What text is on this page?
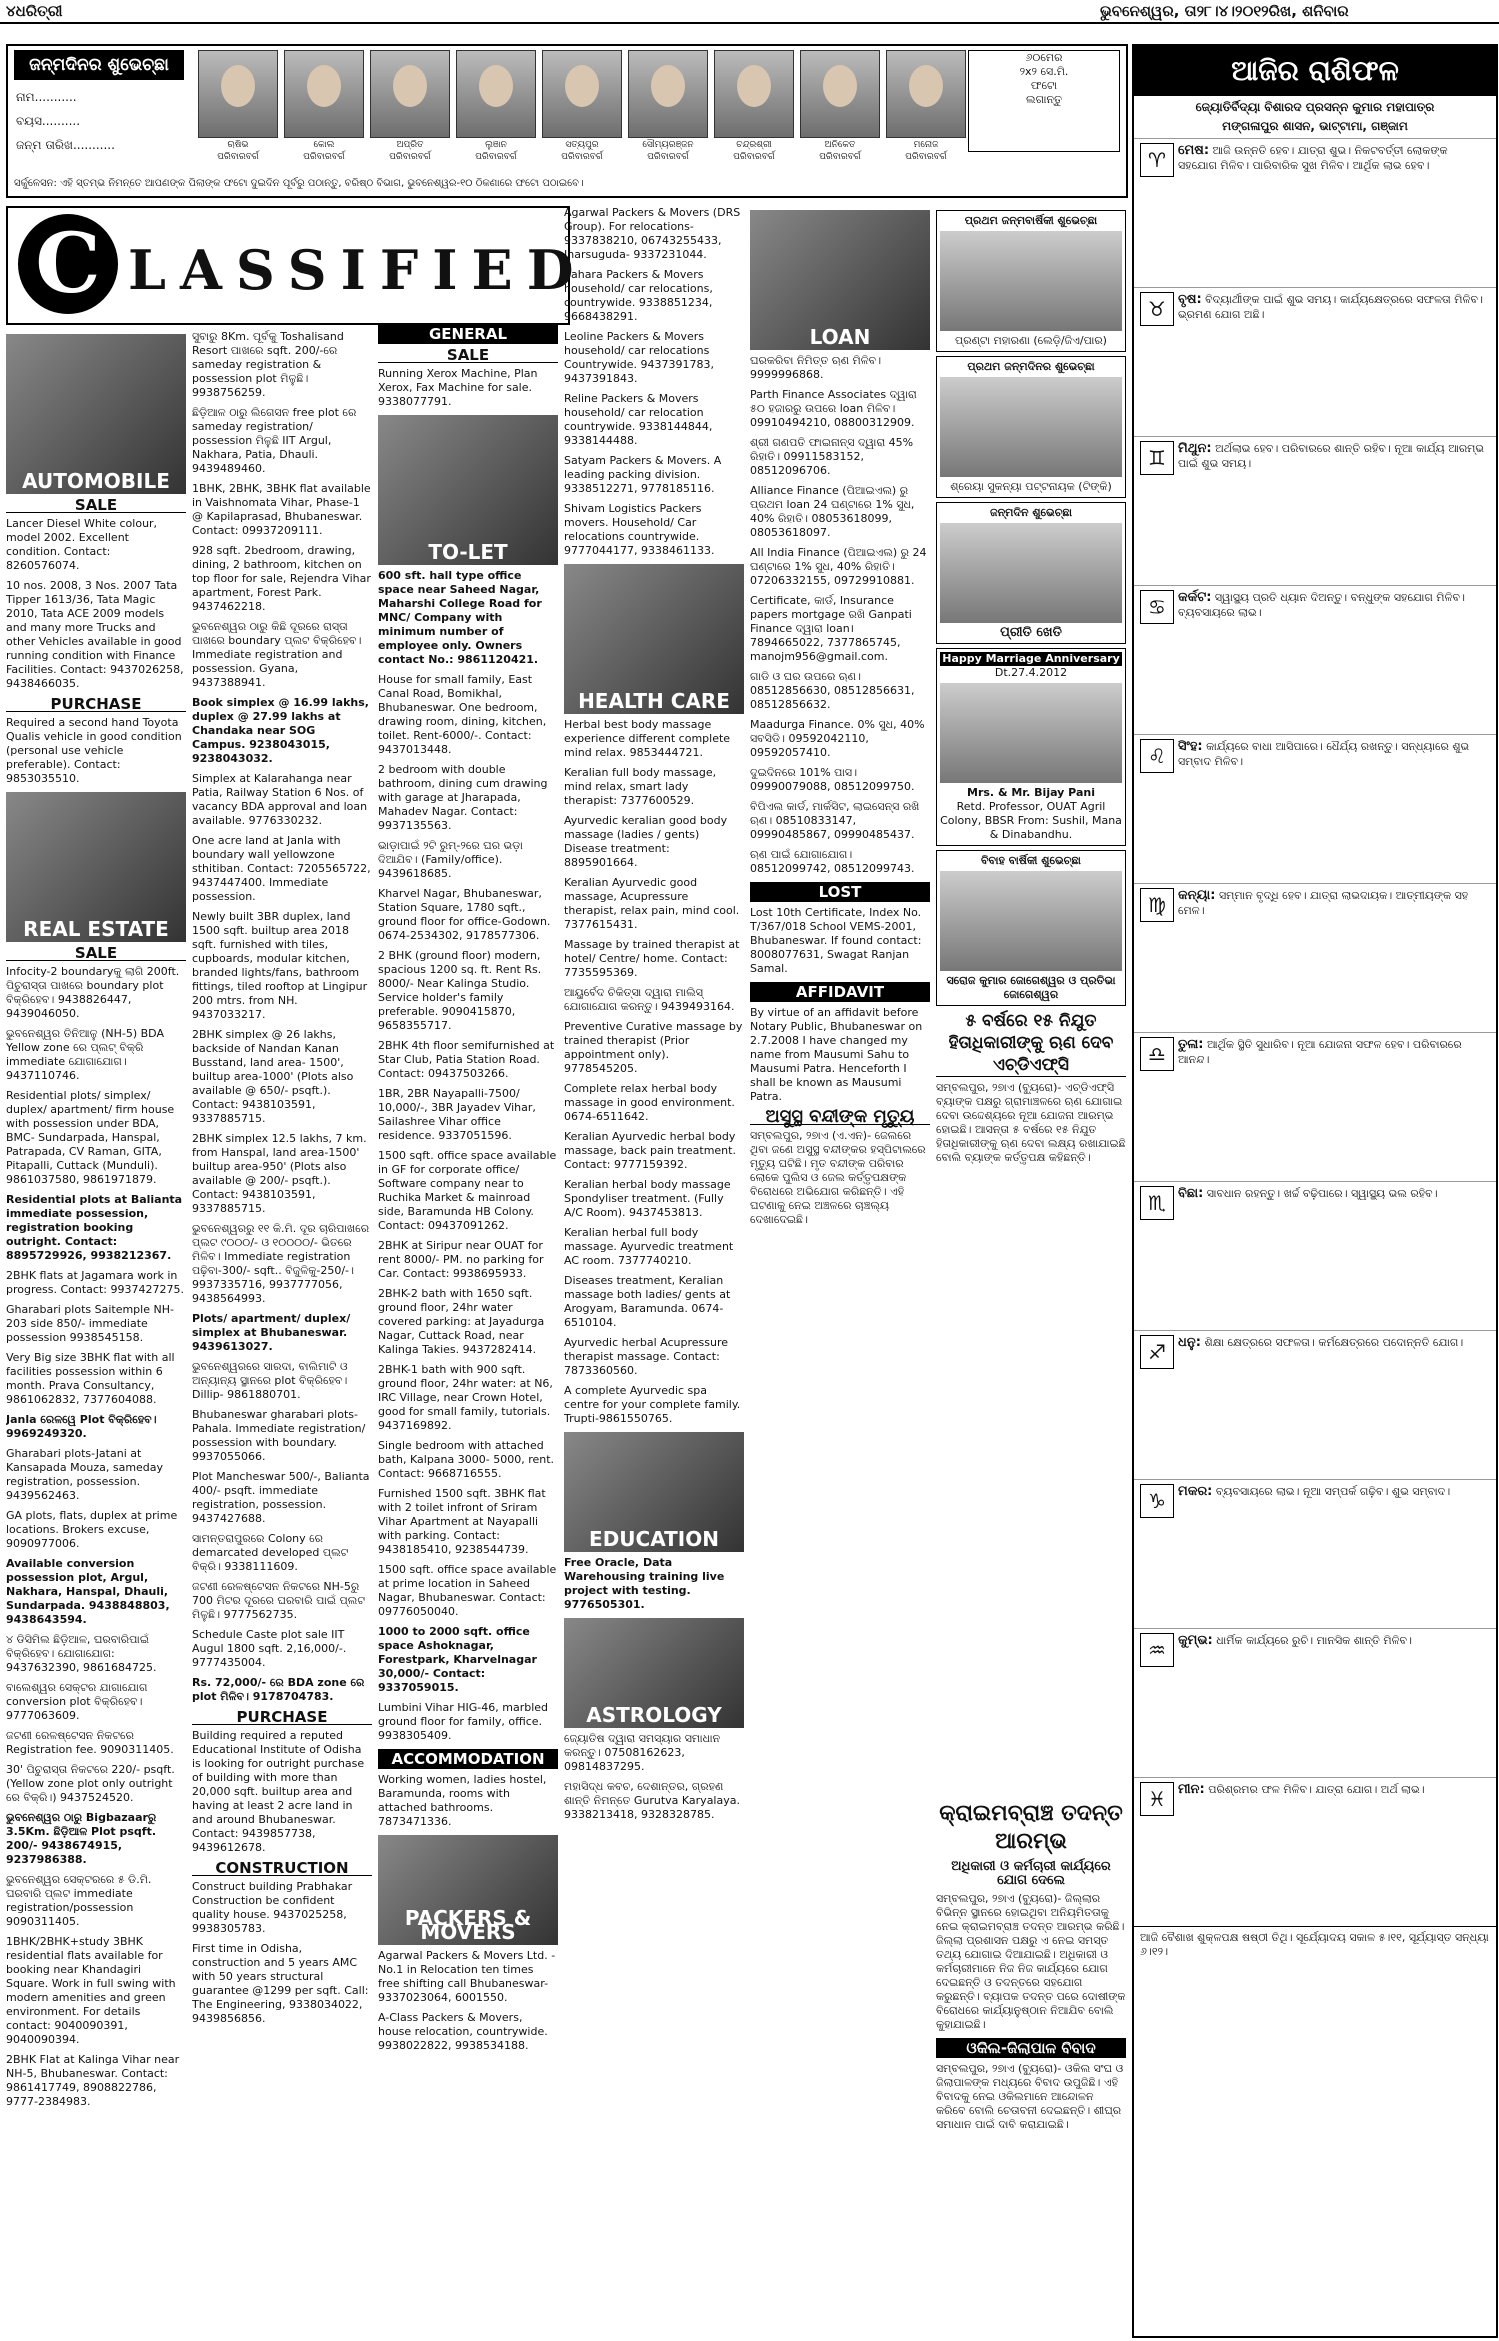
୪ଧରିତ୍ରୀ	ଭୁବନେଶ୍ୱର, ତା୨୮।୪।୨୦୧୨ରିଖ, ଶନିବାର
ଜନ୍ମଦିନର ଶୁଭେଚ୍ଛା
ନାମ...........
ବୟସ..........
ଜନ୍ମ ତାରିଖ...........	ଋଷିଭ
ପରିବାରବର୍ଗ
କୋଲ
ପରିବାରବର୍ଗ
ଅପ୍ରିତ
ପରିବାରବର୍ଗ
ଲୁଞାନ
ପରିବାରବର୍ଗ
ସତ୍ୟପୁର
ପରିବାରବର୍ଗ
ସୌମ୍ୟରଞ୍ଜନ
ପରିବାରବର୍ଗ
ଚନ୍ଦ୍ରଶ୍ରୀ
ପରିବାରବର୍ଗ
ଅନିକେତ
ପରିବାରବର୍ଗ
ମନୋଜ
ପରିବାରବର୍ଗ
୬୦ମେର
୨x୨ ସେ.ମି.
ଫଟୋ
ଲଗାନ୍ତୁ
ସର୍କୁଳେସନ: ଏହି ସ୍ତମ୍ଭ ନିମନ୍ତେ ଆପଣଙ୍କ ପିଲାଙ୍କ ଫଟୋ ଦୁଇଦିନ ପୂର୍ବରୁ ପଠାନ୍ତୁ, ବରିଷ୍ଠ ବିଭାଗ, ଭୁବନେଶ୍ୱର-୧୦ ଠିକଣାରେ ଫଟୋ ପଠାଇବେ।
C LASSIFIED
AUTOMOBILE
SALE

Lancer Diesel White colour, model 2002. Excellent condition. Contact: 8260576074.

10 nos. 2008, 3 Nos. 2007 Tata Tipper 1613/36, Tata Magic 2010, Tata ACE 2009 models and many more Trucks and other Vehicles available in good running condition with Finance Facilities. Contact: 9437026258, 9438466035.

PURCHASE

Required a second hand Toyota Qualis vehicle in good condition (personal use vehicle preferable). Contact: 9853035510.

REAL ESTATE
SALE

Infocity-2 boundaryକୁ ଲାଗି 200ft. ପିଚୁରାସ୍ତା ପାଖରେ boundary plot ବିକ୍ରିହେବ। 9438826447, 9439046050.

ଭୁବନେଶ୍ୱର ତିନିଆଳୁ (NH-5) BDA Yellow zone ରେ ପ୍ଲଟ୍ ବିକ୍ରି immediate ଯୋଗାଯୋଗ। 9437110746.

Residential plots/ simplex/ duplex/ apartment/ firm house with possession under BDA, BMC- Sundarpada, Hanspal, Patrapada, CV Raman, GITA, Pitapalli, Cuttack (Munduli). 9861037580, 9861971879.

Residential plots at Balianta immediate possession, registration booking outright. Contact: 8895729926, 9938212367.

2BHK flats at Jagamara work in progress. Contact: 9937427275.

Gharabari plots Saitemple NH-203 side 850/- immediate possession 9938545158.

Very Big size 3BHK flat with all facilities possession within 6 month. Prava Consultancy, 9861062832, 7377604088.

Janla ରେଳୱେ Plot ବିକ୍ରିହେବ। 9969249320.

Gharabari plots-Jatani at Kansapada Mouza, sameday registration, possession. 9439562463.

GA plots, flats, duplex at prime locations. Brokers excuse, 9090977006.

Available conversion possession plot, Argul, Nakhara, Hanspal, Dhauli, Sundarpada. 9438848803, 9438643594.

୪ ଡିସିମିଲ ଛିଡ଼ିଆଳ, ଘରବାରିପାଇଁ ବିକ୍ରିହେବ। ଯୋଗାଯୋଗ: 9437632390, 9861684725.

ବାଲେଶ୍ୱର ସେକ୍ଟର ଯାଗାଯୋଗ conversion plot ବିକ୍ରିହେବ। 9777063609.

ଜଟଣୀ ରେଳଷ୍ଟେସନ ନିକଟରେ Registration fee. 9090311405.

30' ପିଚୁରାସ୍ତା ନିକଟରେ 220/- psqft. (Yellow zone plot only outright ରେ ବିକ୍ରି।) 9437524520.

ଭୁବନେଶ୍ୱର ଠାରୁ Bigbazaarରୁ 3.5Km. ଛିଡ଼ିଆଳ Plot psqft. 200/- 9438674915, 9237986388.

ଭୁବନେଶ୍ୱର ସେକ୍ଟରରେ ୫ ଡି.ମି. ଘରବାରି ପ୍ଲଟ immediate registration/possession 9090311405.

1BHK/2BHK+study 3BHK residential flats available for booking near Khandagiri Square. Work in full swing with modern amenities and green environment. For details contact: 9040090391, 9040090394.

2BHK Flat at Kalinga Vihar near NH-5, Bhubaneswar. Contact: 9861417749, 8908822786, 9777-2384983.

ସୁବାରୁ 8Km. ପୂର୍ବକୁ Toshalisand Resort ପାଖରେ sqft. 200/-ରେ sameday registration & possession plot ମିଳୁଛି। 9938756259.

ଛିଡ଼ିଆଳ ଠାରୁ ଲିଗେସନ free plot ରେ sameday registration/ possession ମିଳୁଛି IIT Argul, Nakhara, Patia, Dhauli. 9439489460.

1BHK, 2BHK, 3BHK flat available in Vaishnomata Vihar, Phase-1 @ Kapilaprasad, Bhubaneswar. Contact: 09937209111.

928 sqft. 2bedroom, drawing, dining, 2 bathroom, kitchen on top floor for sale, Rejendra Vihar apartment, Forest Park. 9437462218.

ଭୁବନେଶ୍ୱର ଠାରୁ କିଛି ଦୂରରେ ରାସ୍ତା ପାଖରେ boundary ପ୍ଲଟ ବିକ୍ରିହେବ। Immediate registration and possession. Gyana, 9437388941.

Book simplex @ 16.99 lakhs, duplex @ 27.99 lakhs at Chandaka near SOG Campus. 9238043015, 9238043032.

Simplex at Kalarahanga near Patia, Railway Station 6 Nos. of vacancy BDA approval and loan available. 9776330232.

One acre land at Janla with boundary wall yellowzone sthitiban. Contact: 7205565722, 9437447400. Immediate possession.

Newly built 3BR duplex, land 1500 sqft. builtup area 2018 sqft. furnished with tiles, cupboards, modular kitchen, branded lights/fans, bathroom fittings, tiled rooftop at Lingipur 200 mtrs. from NH. 9437033217.

2BHK simplex @ 26 lakhs, backside of Nandan Kanan Busstand, land area- 1500', builtup area-1000' (Plots also available @ 650/- psqft.). Contact: 9438103591, 9337885715.

2BHK simplex 12.5 lakhs, 7 km. from Hanspal, land area-1500' builtup area-950' (Plots also available @ 200/- psqft.). Contact: 9438103591, 9337885715.

ଭୁବନେଶ୍ୱରରୁ ୧୧ କି.ମି. ଦୂର ଚାରିପାଖରେ ପ୍ଲଟ ୯୦୦୦/- ଓ ୧୦୦୦୦/- ଭିତରେ ମିଳିବ। Immediate registration ପଢ଼ିବା-300/- sqft.. ବିଜୁଳିକୁ-250/-। 9937335716, 9937777056, 9438564993.

Plots/ apartment/ duplex/ simplex at Bhubaneswar. 9439613027.

ଭୁବନେଶ୍ୱରରେ ସାରଦା, ବାଲିମାଟି ଓ ଅନ୍ୟାନ୍ୟ ସ୍ଥାନରେ plot ବିକ୍ରିହେବ। Dillip- 9861880701.

Bhubaneswar gharabari plots-Pahala. Immediate registration/ possession with boundary. 9937055066.

Plot Mancheswar 500/-, Balianta 400/- psqft. immediate registration, possession. 9437427688.

ସାମନ୍ତରାପୁରରେ Colony ରେ demarcated developed ପ୍ଲଟ ବିକ୍ରି। 9338111609.

ଜଟଣୀ ରେଳଷ୍ଟେସନ ନିକଟରେ NH-5ରୁ 700 ମିଟର ଦୂରରେ ଘରବାରି ପାଇଁ ପ୍ଲଟ ମିଳୁଛି। 9777562735.

Schedule Caste plot sale IIT Augul 1800 sqft. 2,16,000/-. 9777435004.

Rs. 72,000/- ରେ BDA zone ରେ plot ମିଳିବ। 9178704783.

PURCHASE

Building required a reputed Educational Institute of Odisha is looking for outright purchase of building with more than 20,000 sqft. builtup area and having at least 2 acre land in and around Bhubaneswar. Contact: 9439857738, 9439612678.

CONSTRUCTION

Construct building Prabhakar Construction be confident quality house. 9437025258, 9938305783.

First time in Odisha, construction and 5 years AMC with 50 years structural guarantee @1299 per sqft. Call: The Engineering, 9338034022, 9439856856.

GENERAL
SALE

Running Xerox Machine, Plan Xerox, Fax Machine for sale. 9338077791.

TO-LET

600 sft. hall type office space near Saheed Nagar, Maharshi College Road for MNC/ Company with minimum number of employee only. Owners contact No.: 9861120421.

House for small family, East Canal Road, Bomikhal, Bhubaneswar. One bedroom, drawing room, dining, kitchen, toilet. Rent-6000/-. Contact: 9437013448.

2 bedroom with double bathroom, dining cum drawing with garage at Jharapada, Mahadev Nagar. Contact: 9937135563.

ଭାଡ଼ାପାଇଁ ୨ଟି ରୁମ୍-୨ରେ ଘର ଭଡ଼ା ଦିଆଯିବ। (Family/office). 9439618685.

Kharvel Nagar, Bhubaneswar, Station Square, 1780 sqft., ground floor for office-Godown. 0674-2534302, 9178577306.

2 BHK (ground floor) modern, spacious 1200 sq. ft. Rent Rs. 8000/- Near Kalinga Studio. Service holder's family preferable. 9090415870, 9658355717.

2BHK 4th floor semifurnished at Star Club, Patia Station Road. Contact: 09437503266.

1BR, 2BR Nayapalli-7500/ 10,000/-, 3BR Jayadev Vihar, Sailashree Vihar office residence. 9337051596.

1500 sqft. office space available in GF for corporate office/ Software company near to Ruchika Market & mainroad side, Baramunda HB Colony. Contact: 09437091262.

2BHK at Siripur near OUAT for rent 8000/- PM. no parking for Car. Contact: 9938695933.

2BHK-2 bath with 1650 sqft. ground floor, 24hr water covered parking: at Jayadurga Nagar, Cuttack Road, near Kalinga Takies. 9437282414.

2BHK-1 bath with 900 sqft. ground floor, 24hr water: at N6, IRC Village, near Crown Hotel, good for small family, tutorials. 9437169892.

Single bedroom with attached bath, Kalpana 3000- 5000, rent. Contact: 9668716555.

Furnished 1500 sqft. 3BHK flat with 2 toilet infront of Sriram Vihar Apartment at Nayapalli with parking. Contact: 9438185410, 9238544739.

1500 sqft. office space available at prime location in Saheed Nagar, Bhubaneswar. Contact: 09776050040.

1000 to 2000 sqft. office space Ashoknagar, Forestpark, Kharvelnagar 30,000/- Contact: 9337059015.

Lumbini Vihar HIG-46, marbled ground floor for family, office. 9938305409.

ACCOMMODATION

Working women, ladies hostel, Baramunda, rooms with attached bathrooms. 7873471336.

PACKERS & MOVERS

Agarwal Packers & Movers Ltd. - No.1 in Relocation ten times free shifting call Bhubaneswar- 9337023064, 6001550.

A-Class Packers & Movers, house relocation, countrywide. 9938022822, 9938534188.

Agarwal Packers & Movers (DRS Group). For relocations- 9337838210, 06743255433, Jharsuguda- 9337231044.

Sahara Packers & Movers household/ car relocations, countrywide. 9338851234, 9668438291.

Leoline Packers & Movers household/ car relocations Countrywide. 9437391783, 9437391843.

Reline Packers & Movers household/ car relocation countrywide. 9338144844, 9338144488.

Satyam Packers & Movers. A leading packing division. 9338512271, 9778185116.

Shivam Logistics Packers movers. Household/ Car relocations countrywide. 9777044177, 9338461133.

HEALTH CARE

Herbal best body massage experience different complete mind relax. 9853444721.

Keralian full body massage, mind relax, smart lady therapist: 7377600529.

Ayurvedic keralian good body massage (ladies / gents) Disease treatment: 8895901664.

Keralian Ayurvedic good massage, Acupressure therapist, relax pain, mind cool. 7377615431.

Massage by trained therapist at hotel/ Centre/ home. Contact: 7735595369.

ଆୟୁର୍ବେଦ ଚିକିତ୍ସା ଦ୍ୱାରା ମାଲିସ୍ ଯୋଗାଯୋଗ କରନ୍ତୁ। 9439493164.

Preventive Curative massage by trained therapist (Prior appointment only). 9778545205.

Complete relax herbal body massage in good environment. 0674-6511642.

Keralian Ayurvedic herbal body massage, back pain treatment. Contact: 9777159392.

Keralian herbal body massage Spondyliser treatment. (Fully A/C Room). 9437453813.

Keralian herbal full body massage. Ayurvedic treatment AC room. 7377740210.

Diseases treatment, Keralian massage both ladies/ gents at Arogyam, Baramunda. 0674-6510104.

Ayurvedic herbal Acupressure therapist massage. Contact: 7873360560.

A complete Ayurvedic spa centre for your complete family. Trupti-9861550765.

EDUCATION

Free Oracle, Data Warehousing training live project with testing. 9776505301.

ASTROLOGY

ଜ୍ୟୋତିଷ ଦ୍ୱାରା ସମସ୍ୟାର ସମାଧାନ କରନ୍ତୁ। 07508162623, 09814837295.

ମହାସିଦ୍ଧ କବଚ, ଦେଶାନ୍ତର, ଗ୍ରହଣ ଶାନ୍ତି ନିମନ୍ତେ Gurutva Karyalaya. 9338213418, 9328328785.

LOAN

ଘରକରିବା ନିମିତ୍ତ ଋଣ ମିଳିବ। 9999996868.

Parth Finance Associates ଦ୍ୱାରା ୫୦ ହଜାରରୁ ଉପରେ loan ମିଳିବ। 09910494210, 08800312909.

ଶ୍ରୀ ଗଣପତି ଫାଇନାନ୍ସ ଦ୍ୱାରା 45% ରିହାତି। 09911583152, 08512096706.

Alliance Finance (ପିଆଇଏଲ) ରୁ ପ୍ରଥମ loan 24 ଘଣ୍ଟାରେ 1% ସୁଧ, 40% ରିହାତି। 08053618099, 08053618097.

All India Finance (ପିଆଇଏଲ) ରୁ 24 ଘଣ୍ଟାରେ 1% ସୁଧ, 40% ରିହାତି। 07206332155, 09729910881.

Certificate, କାର୍ଡ, Insurance papers mortgage ରଖି Ganpati Finance ଦ୍ୱାରା loan। 7894665022, 7377865745, manojm956@gmail.com.

ଗାଡି ଓ ଘର ଉପରେ ଋଣ। 08512856630, 08512856631, 08512856632.

Maadurga Finance. 0% ସୁଧ, 40% ସବସିଡି। 09592042110, 09592057410.

ଦୁଇଦିନରେ 101% ପାସ। 09990079088, 08512099750.

ବିପିଏଲ କାର୍ଡ, ମାର୍କସିଟ, ଲାଇସେନ୍ସ ରଖି ଋଣ। 08510833147, 09990485867, 09990485437.

ଋଣ ପାଇଁ ଯୋଗାଯୋଗ। 08512099742, 08512099743.

LOST

Lost 10th Certificate, Index No. T/367/018 School VEMS-2001, Bhubaneswar. If found contact: 8008077631, Swagat Ranjan Samal.

AFFIDAVIT

By virtue of an affidavit before Notary Public, Bhubaneswar on 2.7.2008 I have changed my name from Mausumi Sahu to Mausumi Patra. Henceforth I shall be known as Mausumi Patra.

ଅସୁସ୍ଥ ବନ୍ଦୀଙ୍କ ମୃତ୍ୟୁ

ସମ୍ବଲପୁର, ୨୭ାଏ (ଏ.ଏନ)- ଜେଲରେ ଥିବା ଜଣେ ଅସୁସ୍ଥ ବନ୍ଦୀଙ୍କର ହସ୍ପିଟାଲରେ ମୃତ୍ୟୁ ଘଟିଛି। ମୃତ ବନ୍ଦୀଙ୍କ ପରିବାର ଲୋକେ ପୁଲିସ ଓ ଜେଲ କର୍ତ୍ତୃପକ୍ଷଙ୍କ ବିରୋଧରେ ଅଭିଯୋଗ କରିଛନ୍ତି। ଏହି ଘଟଣାକୁ ନେଇ ଅଞ୍ଚଳରେ ଚାଞ୍ଚଲ୍ୟ ଦେଖାଦେଇଛି।

ପ୍ରଥମ ଜନ୍ମବାର୍ଷିକୀ ଶୁଭେଚ୍ଛା
ପ୍ରଣ୍ଟା ମହାରଣା (ଲେଡ଼ି/ଜିଏ/ପାର)
ପ୍ରଥମ ଜନ୍ମଦିନର ଶୁଭେଚ୍ଛା
ଶ୍ରେୟା ସୁକନ୍ୟା ପଟ୍ଟନାୟକ (ଟିଙ୍କି)
ଜନ୍ମଦିନ ଶୁଭେଚ୍ଛା
ପ୍ରୀତି ଖେତି
Happy Marriage Anniversary
Dt.27.4.2012
Mrs. & Mr. Bijay Pani
Retd. Professor, OUAT Agril Colony, BBSR From: Sushil, Mana & Dinabandhu.
ବିବାହ ବାର୍ଷିକୀ ଶୁଭେଚ୍ଛା
ସରୋଜ କୁମାର ଜୋଗେଶ୍ୱର ଓ ପ୍ରତିଭା ଜୋଗେଶ୍ୱର
୫ ବର୍ଷରେ ୧୫ ନିଯୁତ ହିତାଧିକାରୀଙ୍କୁ ଋଣ ଦେବ ଏଚ୍‌ଡିଏଫ୍‌ସି

ସମ୍ବଲପୁର, ୨୭ାଏ (ବ୍ୟୁରୋ)- ଏଚ୍‌ଡିଏଫ୍‌ସି ବ୍ୟାଙ୍କ ପକ୍ଷରୁ ଗ୍ରାମାଞ୍ଚଳରେ ଋଣ ଯୋଗାଇ ଦେବା ଉଦ୍ଦେଶ୍ୟରେ ନୂଆ ଯୋଜନା ଆରମ୍ଭ ହୋଇଛି। ଆସନ୍ତା ୫ ବର୍ଷରେ ୧୫ ନିଯୁତ ହିତାଧିକାରୀଙ୍କୁ ଋଣ ଦେବା ଲକ୍ଷ୍ୟ ରଖାଯାଇଛି ବୋଲି ବ୍ୟାଙ୍କ କର୍ତ୍ତୃପକ୍ଷ କହିଛନ୍ତି।

କ୍ରାଇମବ୍ରାଞ୍ଚ ତଦନ୍ତ ଆରମ୍ଭ
ଅଧିକାରୀ ଓ କର୍ମଚାରୀ କାର୍ଯ୍ୟରେ ଯୋଗ ଦେଲେ

ସମ୍ବଲପୁର, ୨୭ାଏ (ବ୍ୟୁରୋ)- ଜିଲ୍ଲାର ବିଭିନ୍ନ ସ୍ଥାନରେ ହୋଇଥିବା ଅନିୟମିତତାକୁ ନେଇ କ୍ରାଇମବ୍ରାଞ୍ଚ ତଦନ୍ତ ଆରମ୍ଭ କରିଛି। ଜିଲ୍ଲା ପ୍ରଶାସନ ପକ୍ଷରୁ ଏ ନେଇ ସମସ୍ତ ତଥ୍ୟ ଯୋଗାଇ ଦିଆଯାଇଛି। ଅଧିକାରୀ ଓ କର୍ମଚାରୀମାନେ ନିଜ ନିଜ କାର୍ଯ୍ୟରେ ଯୋଗ ଦେଇଛନ୍ତି ଓ ତଦନ୍ତରେ ସହଯୋଗ କରୁଛନ୍ତି। ବ୍ୟାପକ ତଦନ୍ତ ପରେ ଦୋଷୀଙ୍କ ବିରୋଧରେ କାର୍ଯ୍ୟାନୁଷ୍ଠାନ ନିଆଯିବ ବୋଲି କୁହାଯାଇଛି।

ଓକିଲ-ଜିଲାପାଳ ବିବାଦ

ସମ୍ବଲପୁର, ୨୭ାଏ (ବ୍ୟୁରୋ)- ଓକିଲ ସଂଘ ଓ ଜିଲାପାଳଙ୍କ ମଧ୍ୟରେ ବିବାଦ ଉପୁଜିଛି। ଏହି ବିବାଦକୁ ନେଇ ଓକିଲମାନେ ଆନ୍ଦୋଳନ କରିବେ ବୋଲି ଚେତାବନୀ ଦେଇଛନ୍ତି। ଶୀଘ୍ର ସମାଧାନ ପାଇଁ ଦାବି କରାଯାଇଛି।

ଆଜିର ରାଶିଫଳ
ଜ୍ୟୋତିର୍ବିଦ୍ୟା ବିଶାରଦ ପ୍ରସନ୍ନ କୁମାର ମହାପାତ୍ର
ମଙ୍ଗଳାପୁର ଶାସନ, ଭାଟ୍ଟାମା, ଗଞ୍ଜାମ
♈ ମେଷ: ଆଜି ଉନ୍ନତି ହେବ। ଯାତ୍ରା ଶୁଭ। ନିକଟବର୍ତ୍ତୀ ଲୋକଙ୍କ ସହଯୋଗ ମିଳିବ। ପାରିବାରିକ ସୁଖ ମିଳିବ। ଆର୍ଥିକ ଲାଭ ହେବ।
♉ ବୃଷ: ବିଦ୍ୟାର୍ଥୀଙ୍କ ପାଇଁ ଶୁଭ ସମୟ। କାର୍ଯ୍ୟକ୍ଷେତ୍ରରେ ସଫଳତା ମିଳିବ। ଭ୍ରମଣ ଯୋଗ ଅଛି।
♊ ମିଥୁନ: ଅର୍ଥଲାଭ ହେବ। ପରିବାରରେ ଶାନ୍ତି ରହିବ। ନୂଆ କାର୍ଯ୍ୟ ଆରମ୍ଭ ପାଇଁ ଶୁଭ ସମୟ।
♋ କର୍କଟ: ସ୍ୱାସ୍ଥ୍ୟ ପ୍ରତି ଧ୍ୟାନ ଦିଅନ୍ତୁ। ବନ୍ଧୁଙ୍କ ସହଯୋଗ ମିଳିବ। ବ୍ୟବସାୟରେ ଲାଭ।
♌ ସିଂହ: କାର୍ଯ୍ୟରେ ବାଧା ଆସିପାରେ। ଧୈର୍ଯ୍ୟ ରଖନ୍ତୁ। ସନ୍ଧ୍ୟାରେ ଶୁଭ ସମ୍ବାଦ ମିଳିବ।
♍ କନ୍ୟା: ସମ୍ମାନ ବୃଦ୍ଧି ହେବ। ଯାତ୍ରା ଲାଭଦାୟକ। ଆତ୍ମୀୟଙ୍କ ସହ ମେଳ।
♎ ତୁଳା: ଆର୍ଥିକ ସ୍ଥିତି ସୁଧାରିବ। ନୂଆ ଯୋଜନା ସଫଳ ହେବ। ପରିବାରରେ ଆନନ୍ଦ।
♏ ବିଛା: ସାବଧାନ ରହନ୍ତୁ। ଖର୍ଚ୍ଚ ବଢ଼ିପାରେ। ସ୍ୱାସ୍ଥ୍ୟ ଭଲ ରହିବ।
♐ ଧନୁ: ଶିକ୍ଷା କ୍ଷେତ୍ରରେ ସଫଳତା। କର୍ମକ୍ଷେତ୍ରରେ ପଦୋନ୍ନତି ଯୋଗ।
♑ ମକର: ବ୍ୟବସାୟରେ ଲାଭ। ନୂଆ ସମ୍ପର୍କ ଗଢ଼ିବ। ଶୁଭ ସମ୍ବାଦ।
♒ କୁମ୍ଭ: ଧାର୍ମିକ କାର୍ଯ୍ୟରେ ରୁଚି। ମାନସିକ ଶାନ୍ତି ମିଳିବ।
♓ ମୀନ: ପରିଶ୍ରମର ଫଳ ମିଳିବ। ଯାତ୍ରା ଯୋଗ। ଅର୍ଥ ଲାଭ।
ଆଜି ବୈଶାଖ ଶୁକ୍ଳପକ୍ଷ ଷଷ୍ଠୀ ତିଥି। ସୂର୍ଯ୍ୟୋଦୟ ସକାଳ ୫।୧୧, ସୂର୍ଯ୍ୟାସ୍ତ ସନ୍ଧ୍ୟା ୬।୧୨।
